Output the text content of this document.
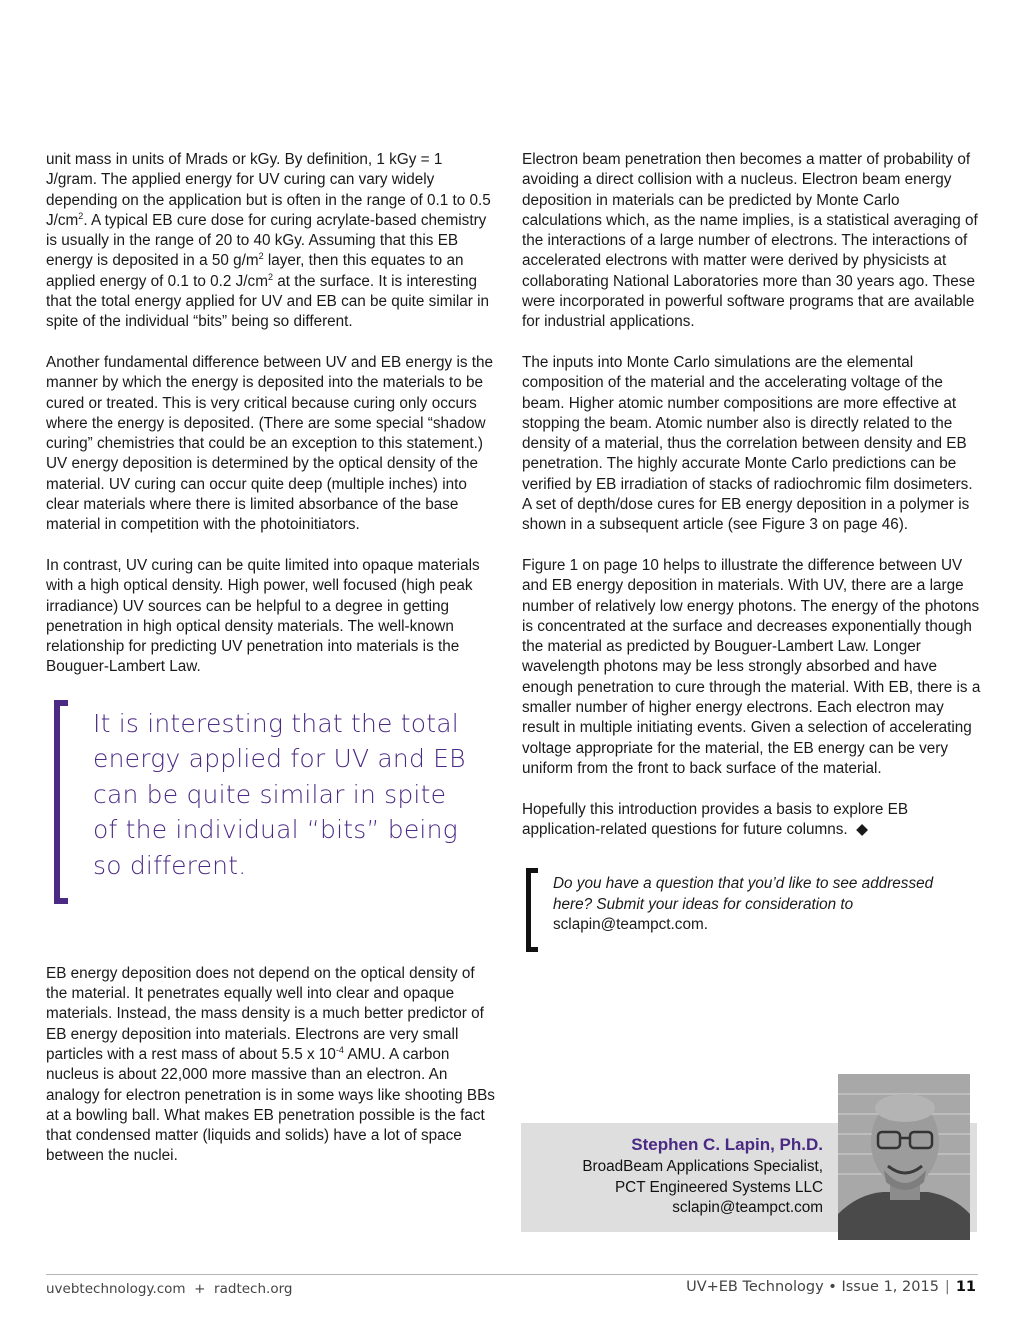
unit mass in units of Mrads or kGy. By definition, 1 kGy = 1 J/gram. The applied energy for UV curing can vary widely depending on the application but is often in the range of 0.1 to 0.5 $J/cm^2$. A typical EB cure dose for curing acrylate-based chemistry is usually in the range of 20 to 40 kGy. Assuming that this EB energy is deposited in a 50 $g/m^2$ layer, then this equates to an applied energy of 0.1 to 0.2 $J/cm^2$ at the surface. It is interesting that the total energy applied for UV and EB can be quite similar in spite of the individual “bits” being so different.

Another fundamental difference between UV and EB energy is the manner by which the energy is deposited into the materials to be cured or treated. This is very critical because curing only occurs where the energy is deposited. (There are some special “shadow curing” chemistries that could be an exception to this statement.) UV energy deposition is determined by the optical density of the material. UV curing can occur quite deep (multiple inches) into clear materials where there is limited absorbance of the base material in competition with the photoinitiators.

In contrast, UV curing can be quite limited into opaque materials with a high optical density. High power, well focused (high peak irradiance) UV sources can be helpful to a degree in getting penetration in high optical density materials. The well-known relationship for predicting UV penetration into materials is the Bouguer-Lambert Law.

It is interesting that the total energy applied for UV and EB can be quite similar in spite of the individual “bits” being so different.

EB energy deposition does not depend on the optical density of the material. It penetrates equally well into clear and opaque materials. Instead, the mass density is a much better predictor of EB energy deposition into materials. Electrons are very small particles with a rest mass of about 5.5 x $10^{-4}$ AMU. A carbon nucleus is about 22,000 more massive than an electron. An analogy for electron penetration is in some ways like shooting BBs at a bowling ball. What makes EB penetration possible is the fact that condensed matter (liquids and solids) have a lot of space between the nuclei.

Electron beam penetration then becomes a matter of probability of avoiding a direct collision with a nucleus. Electron beam energy deposition in materials can be predicted by Monte Carlo calculations which, as the name implies, is a statistical averaging of the interactions of a large number of electrons. The interactions of accelerated electrons with matter were derived by physicists at collaborating National Laboratories more than 30 years ago. These were incorporated in powerful software programs that are available for industrial applications.

The inputs into Monte Carlo simulations are the elemental composition of the material and the accelerating voltage of the beam. Higher atomic number compositions are more effective at stopping the beam. Atomic number also is directly related to the density of a material, thus the correlation between density and EB penetration. The highly accurate Monte Carlo predictions can be verified by EB irradiation of stacks of radiochromic film dosimeters. A set of depth/dose cures for EB energy deposition in a polymer is shown in a subsequent article (see Figure 3 on page 46).

Figure 1 on page 10 helps to illustrate the difference between UV and EB energy deposition in materials. With UV, there are a large number of relatively low energy photons. The energy of the photons is concentrated at the surface and decreases exponentially though the material as predicted by Bouguer-Lambert Law. Longer wavelength photons may be less strongly absorbed and have enough penetration to cure through the material. With EB, there is a smaller number of higher energy electrons. Each electron may result in multiple initiating events. Given a selection of accelerating voltage appropriate for the material, the EB energy can be very uniform from the front to back surface of the material.

Hopefully this introduction provides a basis to explore EB application-related questions for future columns. ◆

Do you have a question that you’d like to see addressed here? Submit your ideas for consideration to sclapin@teampct.com.
Stephen C. Lapin, Ph.D.
BroadBeam Applications Specialist,
PCT Engineered Systems LLC
sclapin@teampct.com
uvebtechnology.com  +  radtech.org	UV+EB Technology • Issue 1, 2015 | 11
